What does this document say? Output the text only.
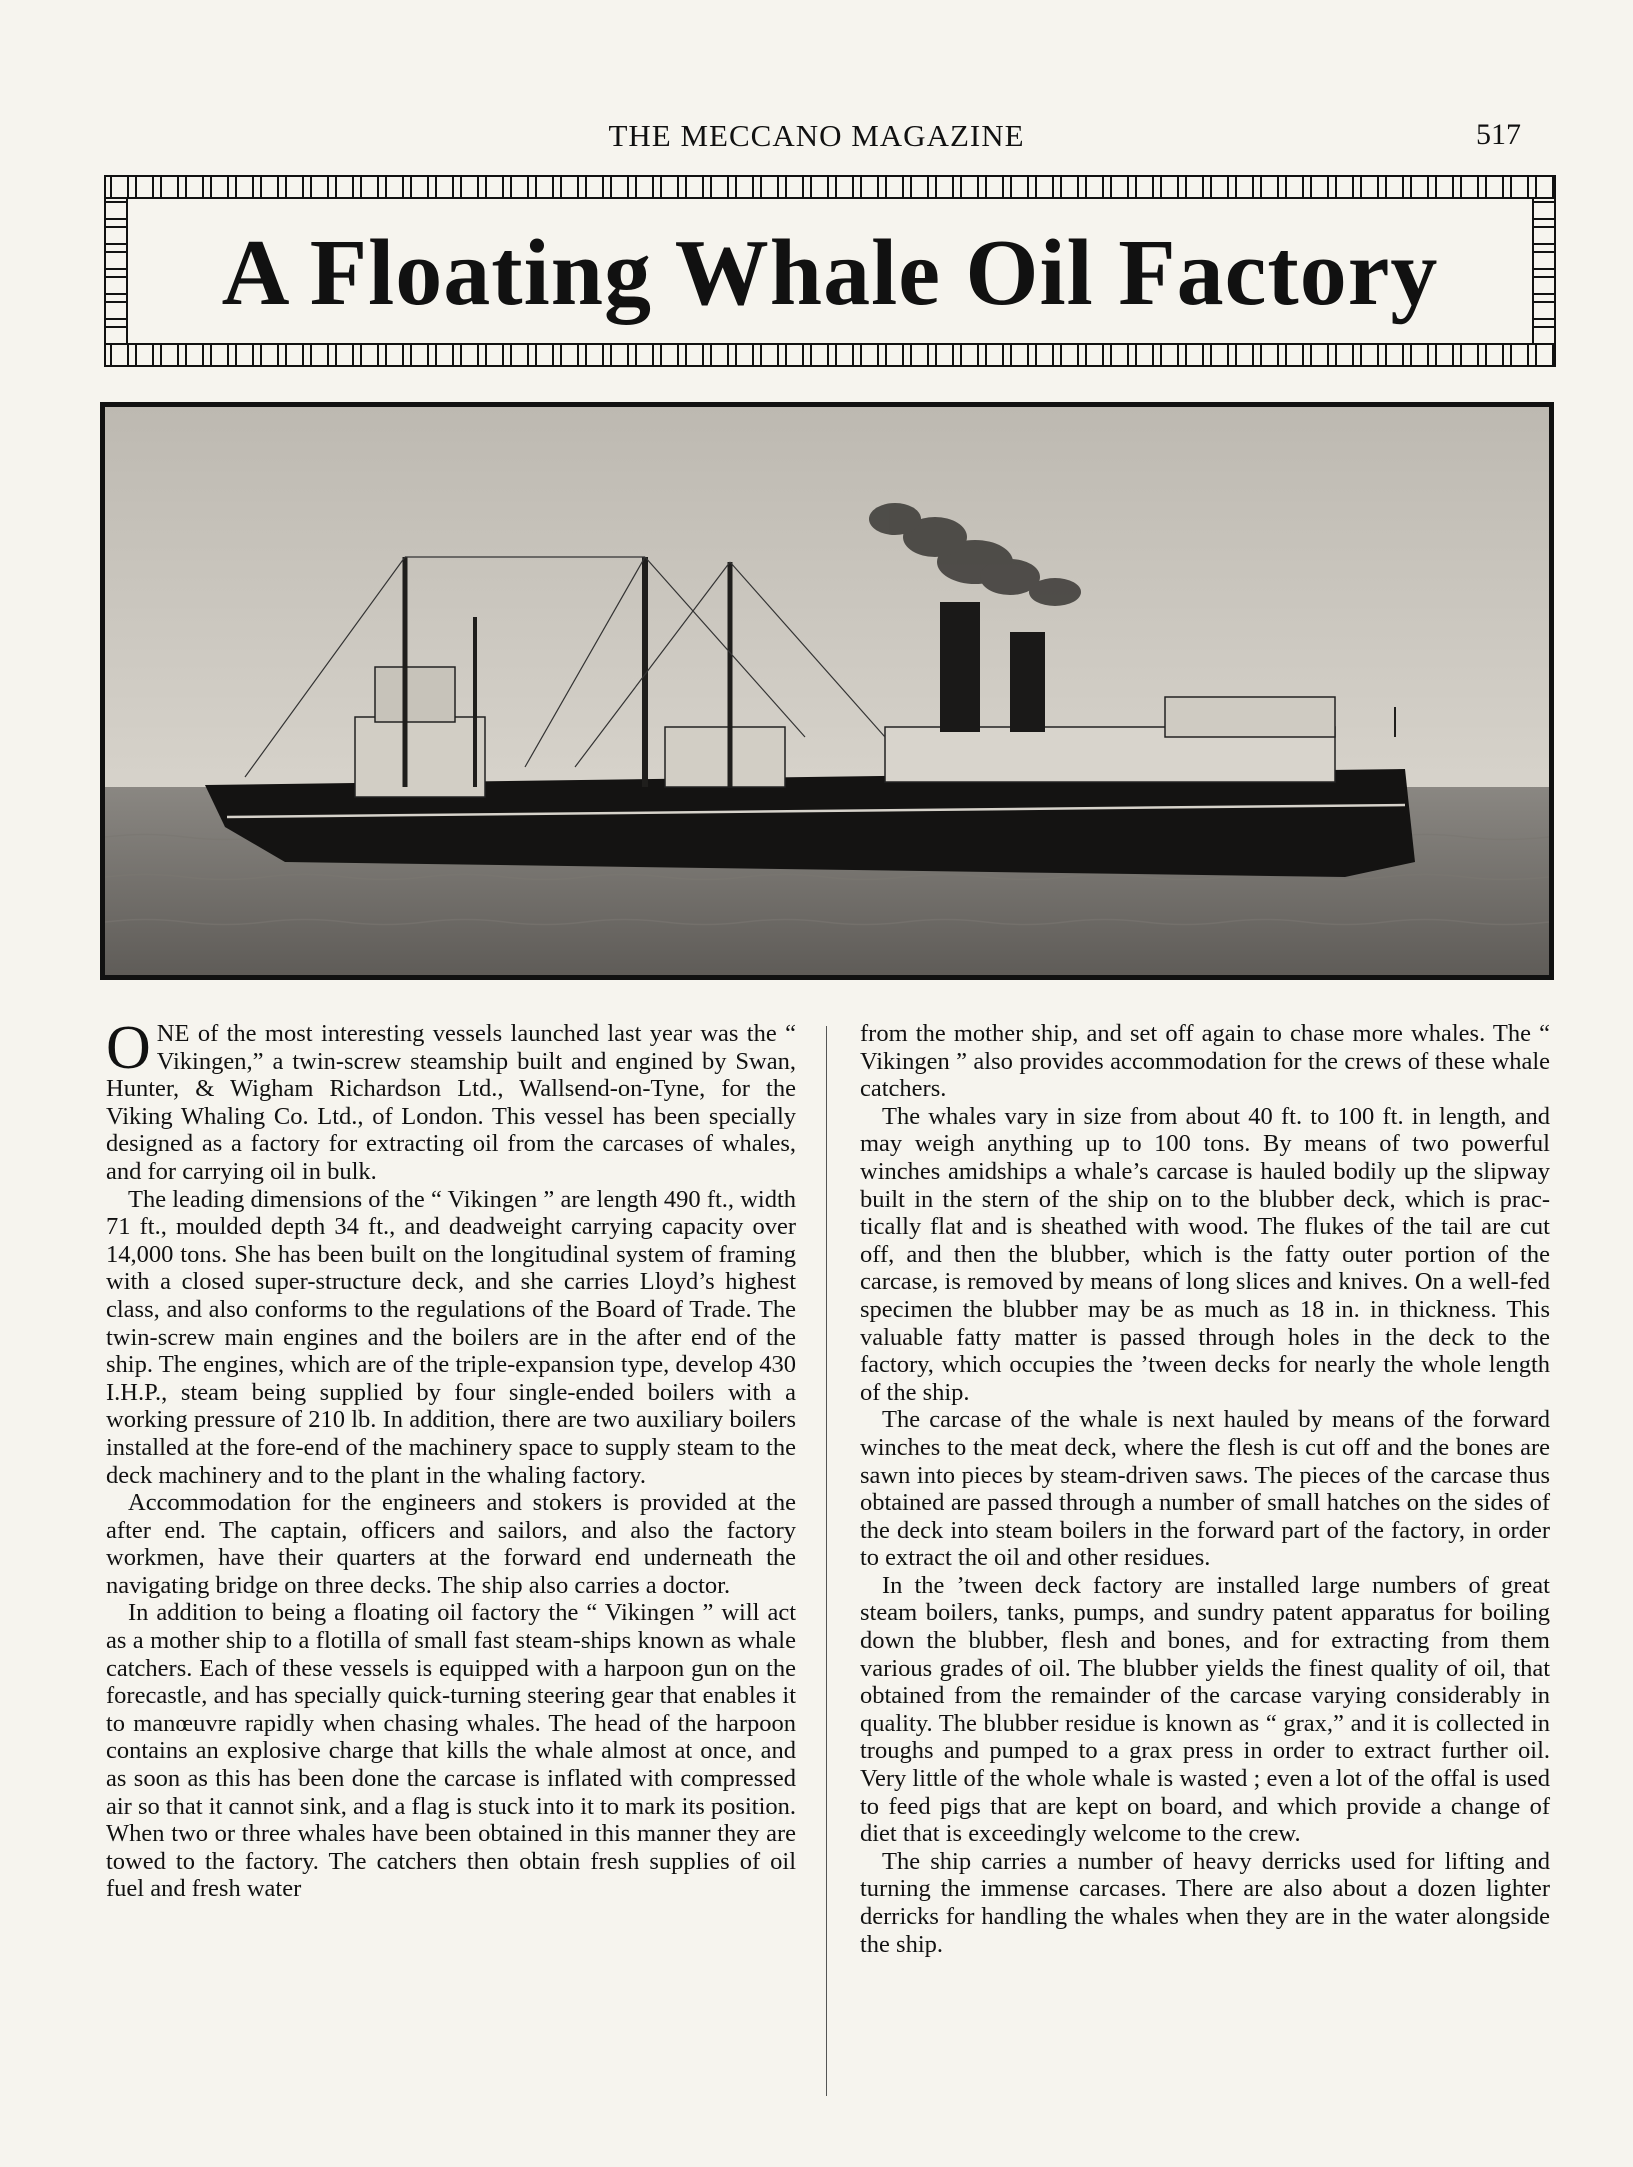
THE MECCANO MAGAZINE	517
A Floating Whale Oil Factory

ONE of the most interesting vessels launched last year was the “ Vikingen,” a twin-screw steamship built and engined by Swan, Hunter, & Wigham Richardson Ltd., Wallsend-on-Tyne, for the Viking Whaling Co. Ltd., of London. This vessel has been specially designed as a factory for extracting oil from the carcases of whales, and for carrying oil in bulk.

The leading dimensions of the “ Vikingen ” are length 490 ft., width 71 ft., moulded depth 34 ft., and deadweight carrying capacity over 14,000 tons. She has been built on the longitudinal system of framing with a closed super-structure deck, and she carries Lloyd’s highest class, and also conforms to the regulations of the Board of Trade. The twin-screw main engines and the boilers are in the after end of the ship. The engines, which are of the triple-expansion type, develop 430 I.H.P., steam being supplied by four single-ended boilers with a working pressure of 210 lb. In addition, there are two auxiliary boilers installed at the fore-end of the machinery space to supply steam to the deck machinery and to the plant in the whaling factory.

Accommodation for the engineers and stokers is provided at the after end. The captain, officers and sailors, and also the factory workmen, have their quarters at the forward end underneath the navigating bridge on three decks. The ship also carries a doctor.

In addition to being a floating oil factory the “ Vikingen ” will act as a mother ship to a flotilla of small fast steam-ships known as whale catchers. Each of these vessels is equipped with a harpoon gun on the forecastle, and has specially quick-turning steering gear that enables it to manœuvre rapidly when chasing whales. The head of the harpoon contains an explosive charge that kills the whale almost at once, and as soon as this has been done the carcase is inflated with compressed air so that it cannot sink, and a flag is stuck into it to mark its position. When two or three whales have been obtained in this manner they are towed to the factory. The catchers then obtain fresh supplies of oil fuel and fresh water

from the mother ship, and set off again to chase more whales. The “ Vikingen ” also provides accommodation for the crews of these whale catchers.

The whales vary in size from about 40 ft. to 100 ft. in length, and may weigh anything up to 100 tons. By means of two powerful winches amidships a whale’s carcase is hauled bodily up the slipway built in the stern of the ship on to the blubber deck, which is prac-tically flat and is sheathed with wood. The flukes of the tail are cut off, and then the blubber, which is the fatty outer portion of the carcase, is removed by means of long slices and knives. On a well-fed specimen the blubber may be as much as 18 in. in thickness. This valuable fatty matter is passed through holes in the deck to the factory, which occupies the ’tween decks for nearly the whole length of the ship.

The carcase of the whale is next hauled by means of the forward winches to the meat deck, where the flesh is cut off and the bones are sawn into pieces by steam-driven saws. The pieces of the carcase thus obtained are passed through a number of small hatches on the sides of the deck into steam boilers in the forward part of the factory, in order to extract the oil and other residues.

In the ’tween deck factory are installed large numbers of great steam boilers, tanks, pumps, and sundry patent apparatus for boiling down the blubber, flesh and bones, and for extracting from them various grades of oil. The blubber yields the finest quality of oil, that obtained from the remainder of the carcase varying considerably in quality. The blubber residue is known as “ grax,” and it is collected in troughs and pumped to a grax press in order to extract further oil. Very little of the whole whale is wasted ; even a lot of the offal is used to feed pigs that are kept on board, and which provide a change of diet that is exceedingly welcome to the crew.

The ship carries a number of heavy derricks used for lifting and turning the immense carcases. There are also about a dozen lighter derricks for handling the whales when they are in the water alongside the ship.
